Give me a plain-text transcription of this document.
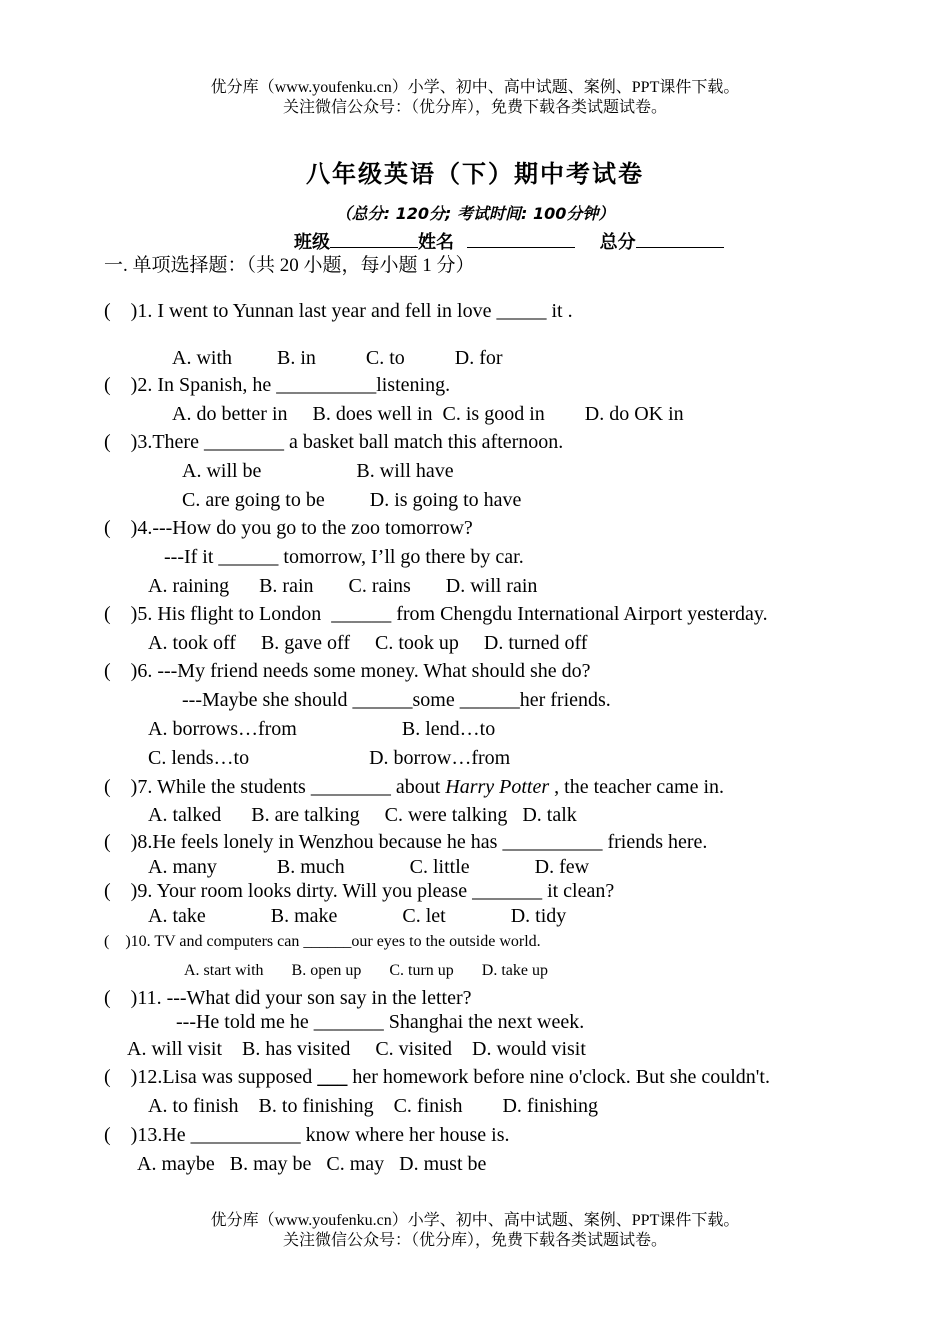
优分库（www.youfenku.cn）小学、初中、高中试题、案例、PPT课件下载。
关注微信公众号：（优分库），免费下载各类试题试卷。
八年级英语（下）期中考试卷
（总分: 120分; 考试时间: 100分钟）
班级	姓名	总分
一. 单项选择题：（共 20 小题，每小题 1 分）
(    )1. I went to Yunnan last year and fell in love _____ it .
A. with         B. in          C. to          D. for
(    )2. In Spanish, he __________listening.
A. do better in     B. does well in  C. is good in        D. do OK in
(    )3.There ________ a basket ball match this afternoon.
A. will be                   B. will have
C. are going to be         D. is going to have
(    )4.---How do you go to the zoo tomorrow?
---If it ______ tomorrow, I’ll go there by car.
A. raining      B. rain       C. rains       D. will rain
(    )5. His flight to London  ______ from Chengdu International Airport yesterday.
A. took off     B. gave off     C. took up     D. turned off
(    )6. ---My friend needs some money. What should she do?
---Maybe she should ______some ______her friends.
A. borrows…from                     B. lend…to
C. lends…to                        D. borrow…from
(    )7. While the students ________ about Harry Potter , the teacher came in.
A. talked      B. are talking     C. were talking   D. talk
(    )8.He feels lonely in Wenzhou because he has __________ friends here.
A. many            B. much             C. little             D. few
(    )9. Your room looks dirty. Will you please _______ it clean?
A. take             B. make             C. let             D. tidy
(    )10. TV and computers can ______our eyes to the outside world.
A. start with       B. open up       C. turn up       D. take up
(    )11. ---What did your son say in the letter?
---He told me he _______ Shanghai the next week.
A. will visit    B. has visited     C. visited    D. would visit
(    )12.Lisa was supposed ___ her homework before nine o'clock. But she couldn't.
A. to finish    B. to finishing    C. finish        D. finishing
(    )13.He ___________ know where her house is.
A. maybe   B. may be   C. may   D. must be
优分库（www.youfenku.cn）小学、初中、高中试题、案例、PPT课件下载。
关注微信公众号：（优分库），免费下载各类试题试卷。
